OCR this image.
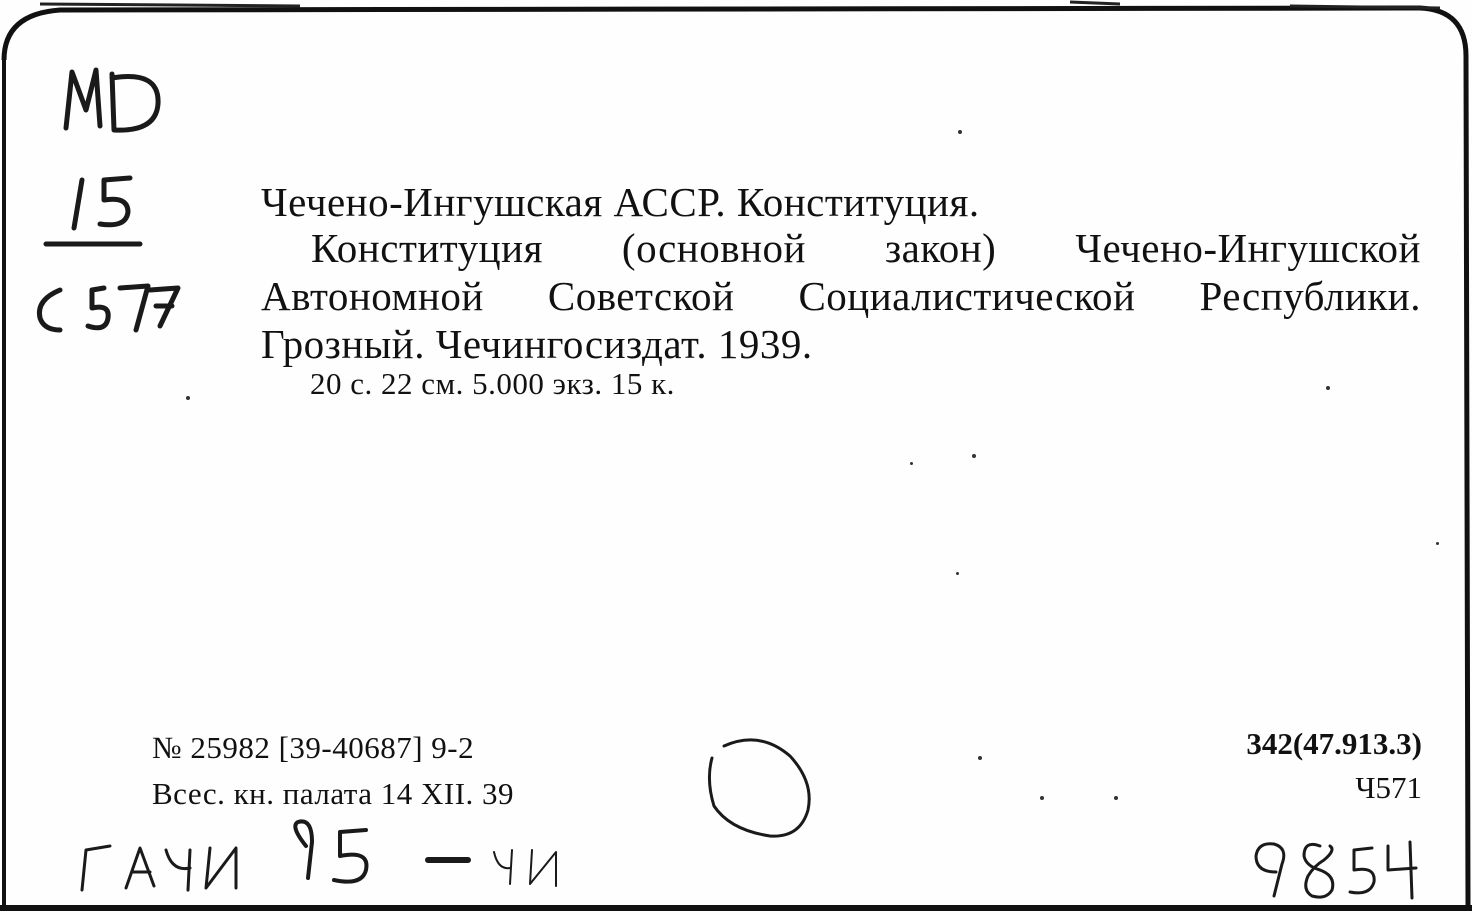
Чечено-Ингушская АССР. Конституция.
Конституция (основной закон) Чечено-Ингушской
Автономной Советской Социалистической Республики.
Грозный. Чечингосиздат. 1939.
20 с. 22 см. 5.000 экз. 15 к.
№ 25982 [39-40687] 9-2
Всес. кн. палата 14 XII. 39
342(47.913.3)
Ч571
